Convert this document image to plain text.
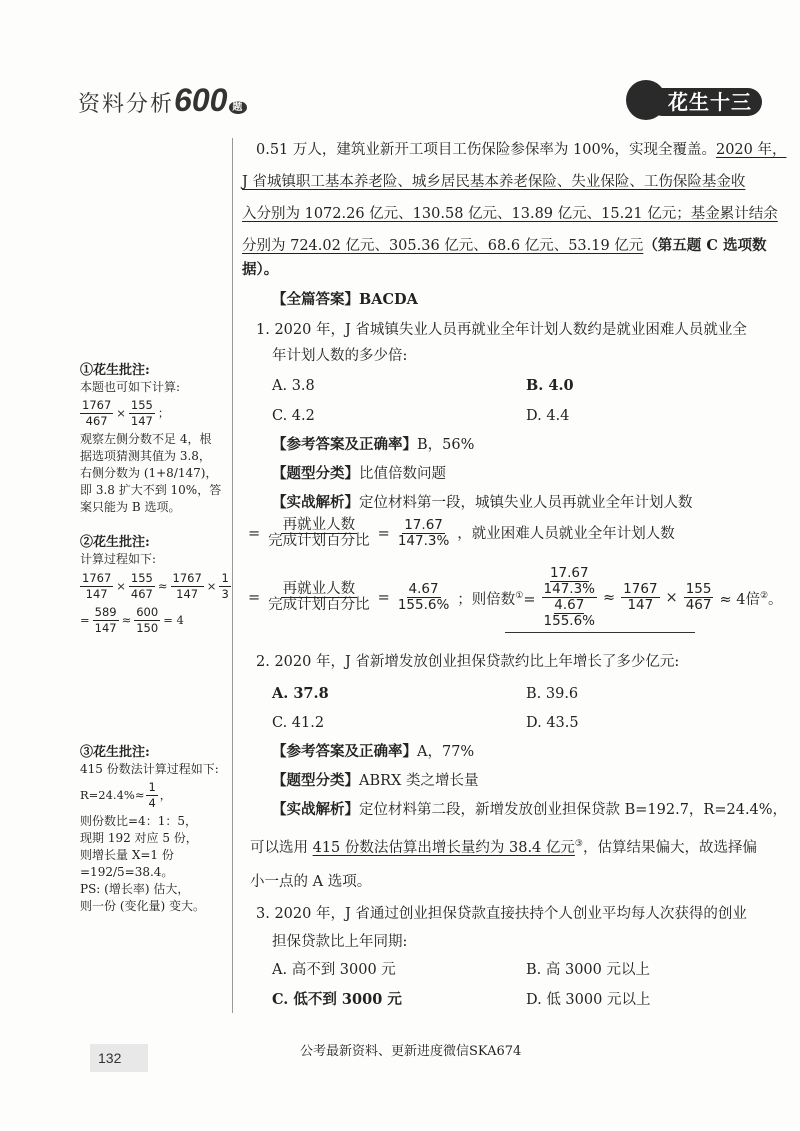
资料分析600 题	花生十三
0.51 万人，建筑业新开工项目工伤保险参保率为 100%，实现全覆盖。2020 年，
J 省城镇职工基本养老险、城乡居民基本养老保险、失业保险、工伤保险基金收
入分别为 1072.26 亿元、130.58 亿元、13.89 亿元、15.21 亿元；基金累计结余
分别为 724.02 亿元、305.36 亿元、68.6 亿元、53.19 亿元（第五题 C 选项数
据）。
【全篇答案】BACDA
1. 2020 年，J 省城镇失业人员再就业全年计划人数约是就业困难人员就业全
年计划人数的多少倍:
A. 3.8	B. 4.0
C. 4.2	D. 4.4
【参考答案及正确率】B，56%
【题型分类】比值倍数问题
【实战解析】定位材料第一段，城镇失业人员再就业全年计划人数
=
再就业人数
完成计划百分比 = $\frac{17.67}{147.3\%}$ ，就业困难人员就业全年计划人数
=
再就业人数
完成计划百分比 = $\frac{4.67}{155.6\%}$ ；则倍数①= 17.67
147.3%
4.67
$155.6\% \approx \frac{1767}{147} \times \frac{155}{467} \approx 4$倍②。
2. 2020 年，J 省新增发放创业担保贷款约比上年增长了多少亿元:
A. 37.8	B. 39.6
C. 41.2	D. 43.5
【参考答案及正确率】A，77%
【题型分类】ABRX 类之增长量
【实战解析】定位材料第二段，新增发放创业担保贷款 B=192.7，R=24.4%，
可以选用 415 份数法估算出增长量约为 38.4 亿元③，估算结果偏大，故选择偏
小一点的 A 选项。
3. 2020 年，J 省通过创业担保贷款直接扶持个人创业平均每人次获得的创业
担保贷款比上年同期:
A. 高不到 3000 元	B. 高 3000 元以上
C. 低不到 3000 元	D. 低 3000 元以上
①花生批注:
本题也可如下计算:
$\frac{1767}{467} \times \frac{155}{147}$ ；
观察左侧分数不足 4，根
据选项猜测其值为 3.8，
右侧分数为 (1+8/147)，
即 3.8 扩大不到 10%，答
案只能为 B 选项。
②花生批注:
计算过程如下:
$\frac{1767}{147} \times \frac{155}{467} \approx \frac{1767}{147} \times \frac{1}{3}$
= $\frac{589}{147} \approx \frac{600}{150} = 4$
③花生批注:
415 份数法计算过程如下:
$R=24.4\%\approx \frac{1}{4}$ ，
则份数比=4：1：5，
现期 192 对应 5 份，
则增长量 X=1 份
=192/5=38.4。
PS: (增长率) 估大，
则一份 (变化量) 变大。
132	公考最新资料、更新进度微信SKA674
